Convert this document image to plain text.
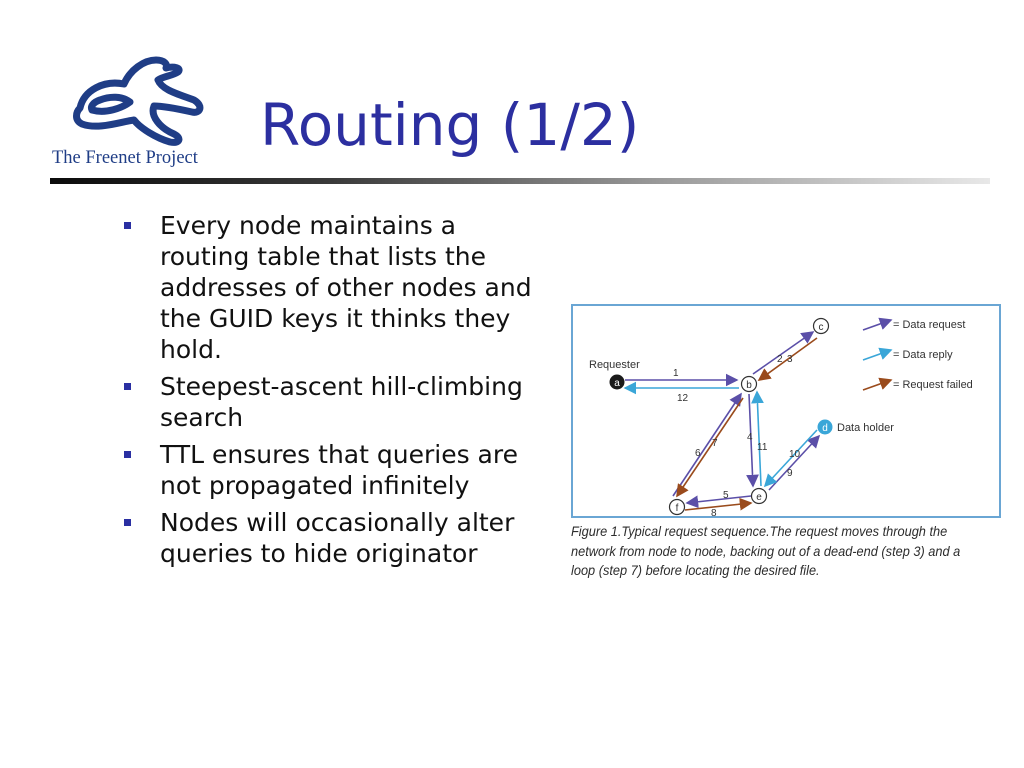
The Freenet Project	Routing (1/2)
Every node maintains a routing table that lists the addresses of other nodes and the GUID keys it thinks they hold.
Steepest-ascent hill-climbing search
TTL ensures that queries are not propagated infinitely
Nodes will occasionally alter queries to hide originator
1
12
2 3
4
5
6
7
8
9
10
11
Requester
Data holder
a	b
c
d
e
f
= Data request
= Data reply
= Request failed
Figure 1.Typical request sequence.The request moves through the network from node to node, backing out of a dead-end (step 3) and a loop (step 7) before locating the desired file.
